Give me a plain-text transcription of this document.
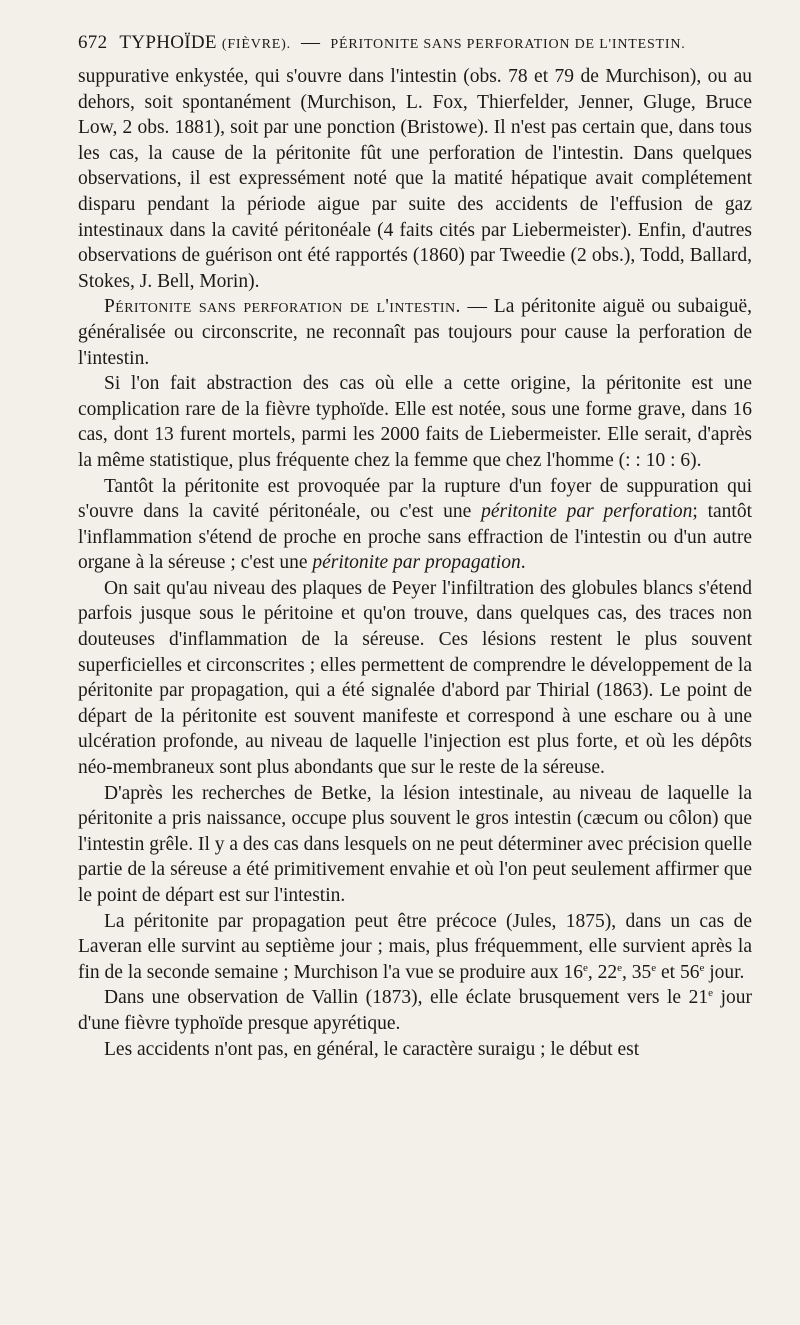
672 TYPHOÏDE
(FIÈVRE).
—
PÉRITONITE SANS PERFORATION DE L'INTESTIN.

suppurative enkystée, qui s'ouvre dans l'intestin (obs. 78 et 79 de Murchison), ou au dehors, soit spontanément (Murchison, L. Fox, Thierfelder, Jenner, Gluge, Bruce Low, 2 obs. 1881), soit par une ponction (Bristowe). Il n'est pas certain que, dans tous les cas, la cause de la péritonite fût une perforation de l'intestin. Dans quelques observations, il est expressément noté que la matité hépatique avait complétement disparu pendant la période aigue par suite des accidents de l'effusion de gaz intestinaux dans la cavité péritonéale (4 faits cités par Liebermeister). Enfin, d'autres observations de guérison ont été rapportés (1860) par Tweedie (2 obs.), Todd, Ballard, Stokes, J. Bell, Morin).

Péritonite sans perforation de l'intestin. — La péritonite aiguë ou subaiguë, généralisée ou circonscrite, ne reconnaît pas toujours pour cause la perforation de l'intestin.

Si l'on fait abstraction des cas où elle a cette origine, la péritonite est une complication rare de la fièvre typhoïde. Elle est notée, sous une forme grave, dans 16 cas, dont 13 furent mortels, parmi les 2000 faits de Liebermeister. Elle serait, d'après la même statistique, plus fréquente chez la femme que chez l'homme (: : 10 : 6).

Tantôt la péritonite est provoquée par la rupture d'un foyer de suppuration qui s'ouvre dans la cavité péritonéale, ou c'est une péritonite par perforation; tantôt l'inflammation s'étend de proche en proche sans effraction de l'intestin ou d'un autre organe à la séreuse ; c'est une péritonite par propagation.

On sait qu'au niveau des plaques de Peyer l'infiltration des globules blancs s'étend parfois jusque sous le péritoine et qu'on trouve, dans quelques cas, des traces non douteuses d'inflammation de la séreuse. Ces lésions restent le plus souvent superficielles et circonscrites ; elles permettent de comprendre le développement de la péritonite par propagation, qui a été signalée d'abord par Thirial (1863). Le point de départ de la péritonite est souvent manifeste et correspond à une eschare ou à une ulcération profonde, au niveau de laquelle l'injection est plus forte, et où les dépôts néo-membraneux sont plus abondants que sur le reste de la séreuse.

D'après les recherches de Betke, la lésion intestinale, au niveau de laquelle la péritonite a pris naissance, occupe plus souvent le gros intestin (cæcum ou côlon) que l'intestin grêle. Il y a des cas dans lesquels on ne peut déterminer avec précision quelle partie de la séreuse a été primitivement envahie et où l'on peut seulement affirmer que le point de départ est sur l'intestin.

La péritonite par propagation peut être précoce (Jules, 1875), dans un cas de Laveran elle survint au septième jour ; mais, plus fréquemment, elle survient après la fin de la seconde semaine ; Murchison l'a vue se produire aux 16e, 22e, 35e et 56e jour.

Dans une observation de Vallin (1873), elle éclate brusquement vers le 21e jour d'une fièvre typhoïde presque apyrétique.

Les accidents n'ont pas, en général, le caractère suraigu ; le début est
